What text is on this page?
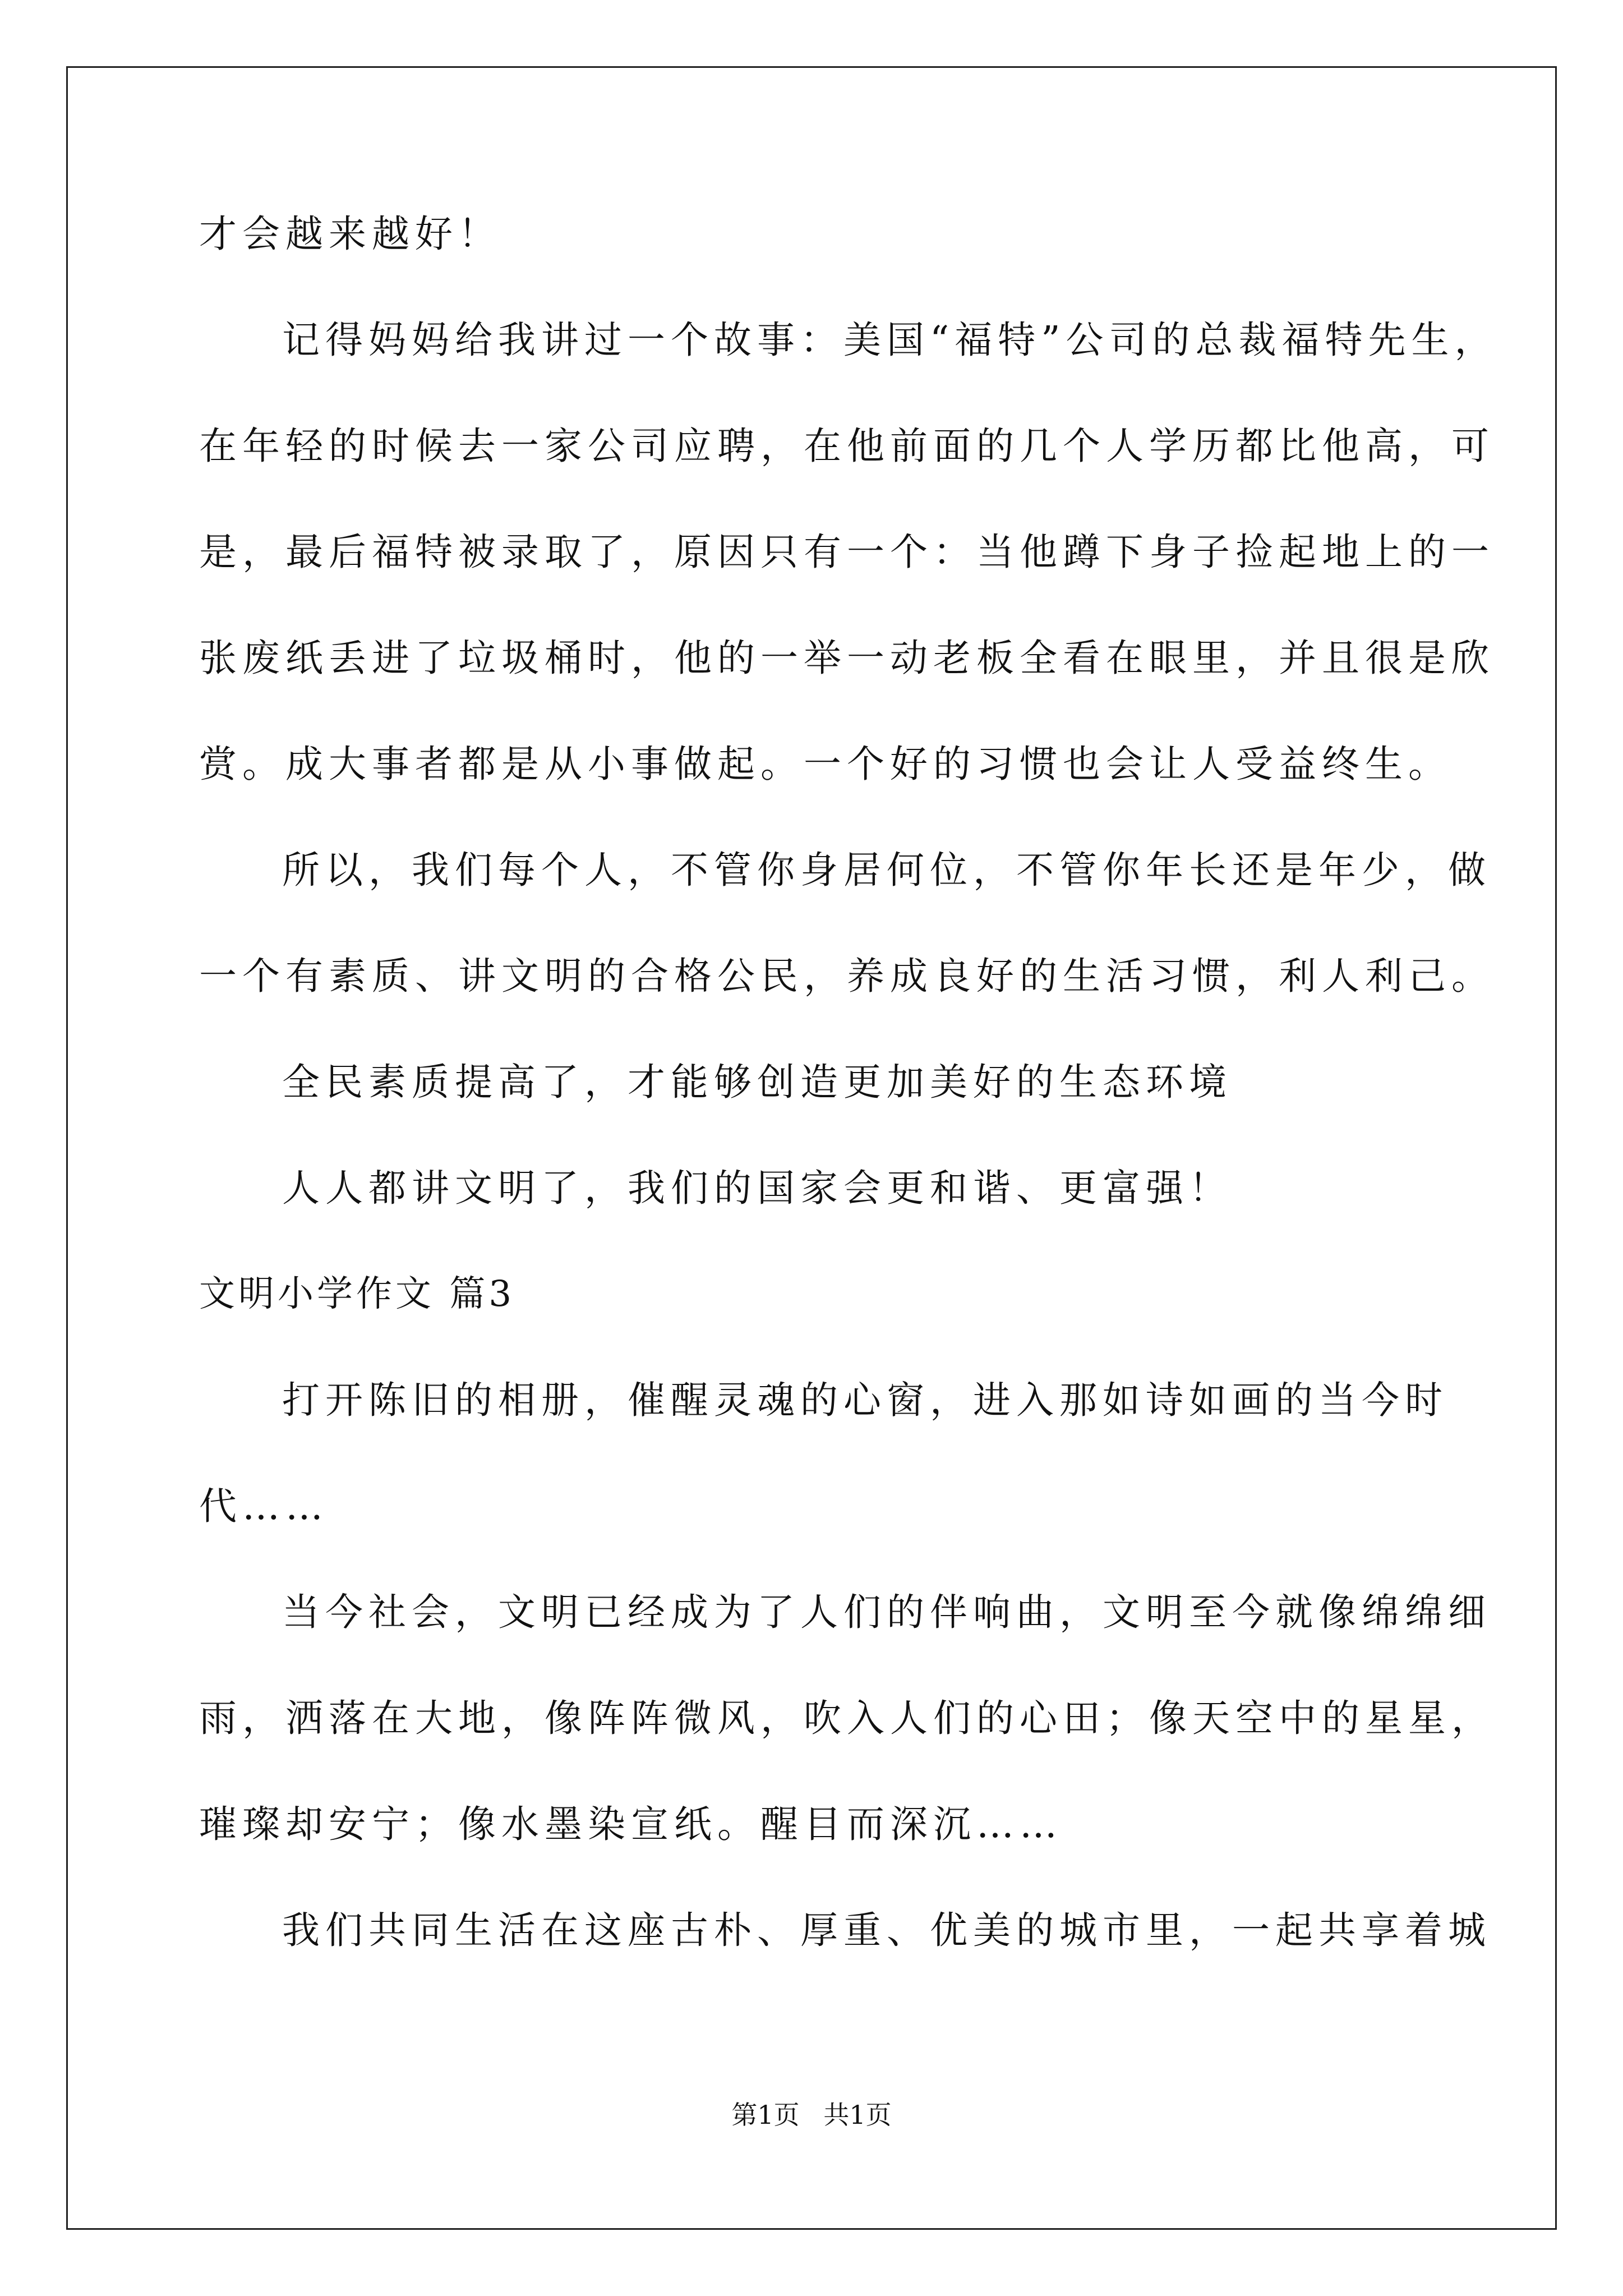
才会越来越好！
记得妈妈给我讲过一个故事：美国“福特”公司的总裁福特先生，
在年轻的时候去一家公司应聘，在他前面的几个人学历都比他高，可
是，最后福特被录取了，原因只有一个：当他蹲下身子捡起地上的一
张废纸丢进了垃圾桶时，他的一举一动老板全看在眼里，并且很是欣
赏。成大事者都是从小事做起。一个好的习惯也会让人受益终生。
所以，我们每个人，不管你身居何位，不管你年长还是年少，做
一个有素质、讲文明的合格公民，养成良好的生活习惯，利人利己。
全民素质提高了，才能够创造更加美好的生态环境
人人都讲文明了，我们的国家会更和谐、更富强！
文明小学作文 篇3
打开陈旧的相册，催醒灵魂的心窗，进入那如诗如画的当今时
代……
当今社会，文明已经成为了人们的伴响曲，文明至今就像绵绵细
雨，洒落在大地，像阵阵微风，吹入人们的心田；像天空中的星星，
璀璨却安宁；像水墨染宣纸。醒目而深沉……
我们共同生活在这座古朴、厚重、优美的城市里，一起共享着城
第1页 共1页
